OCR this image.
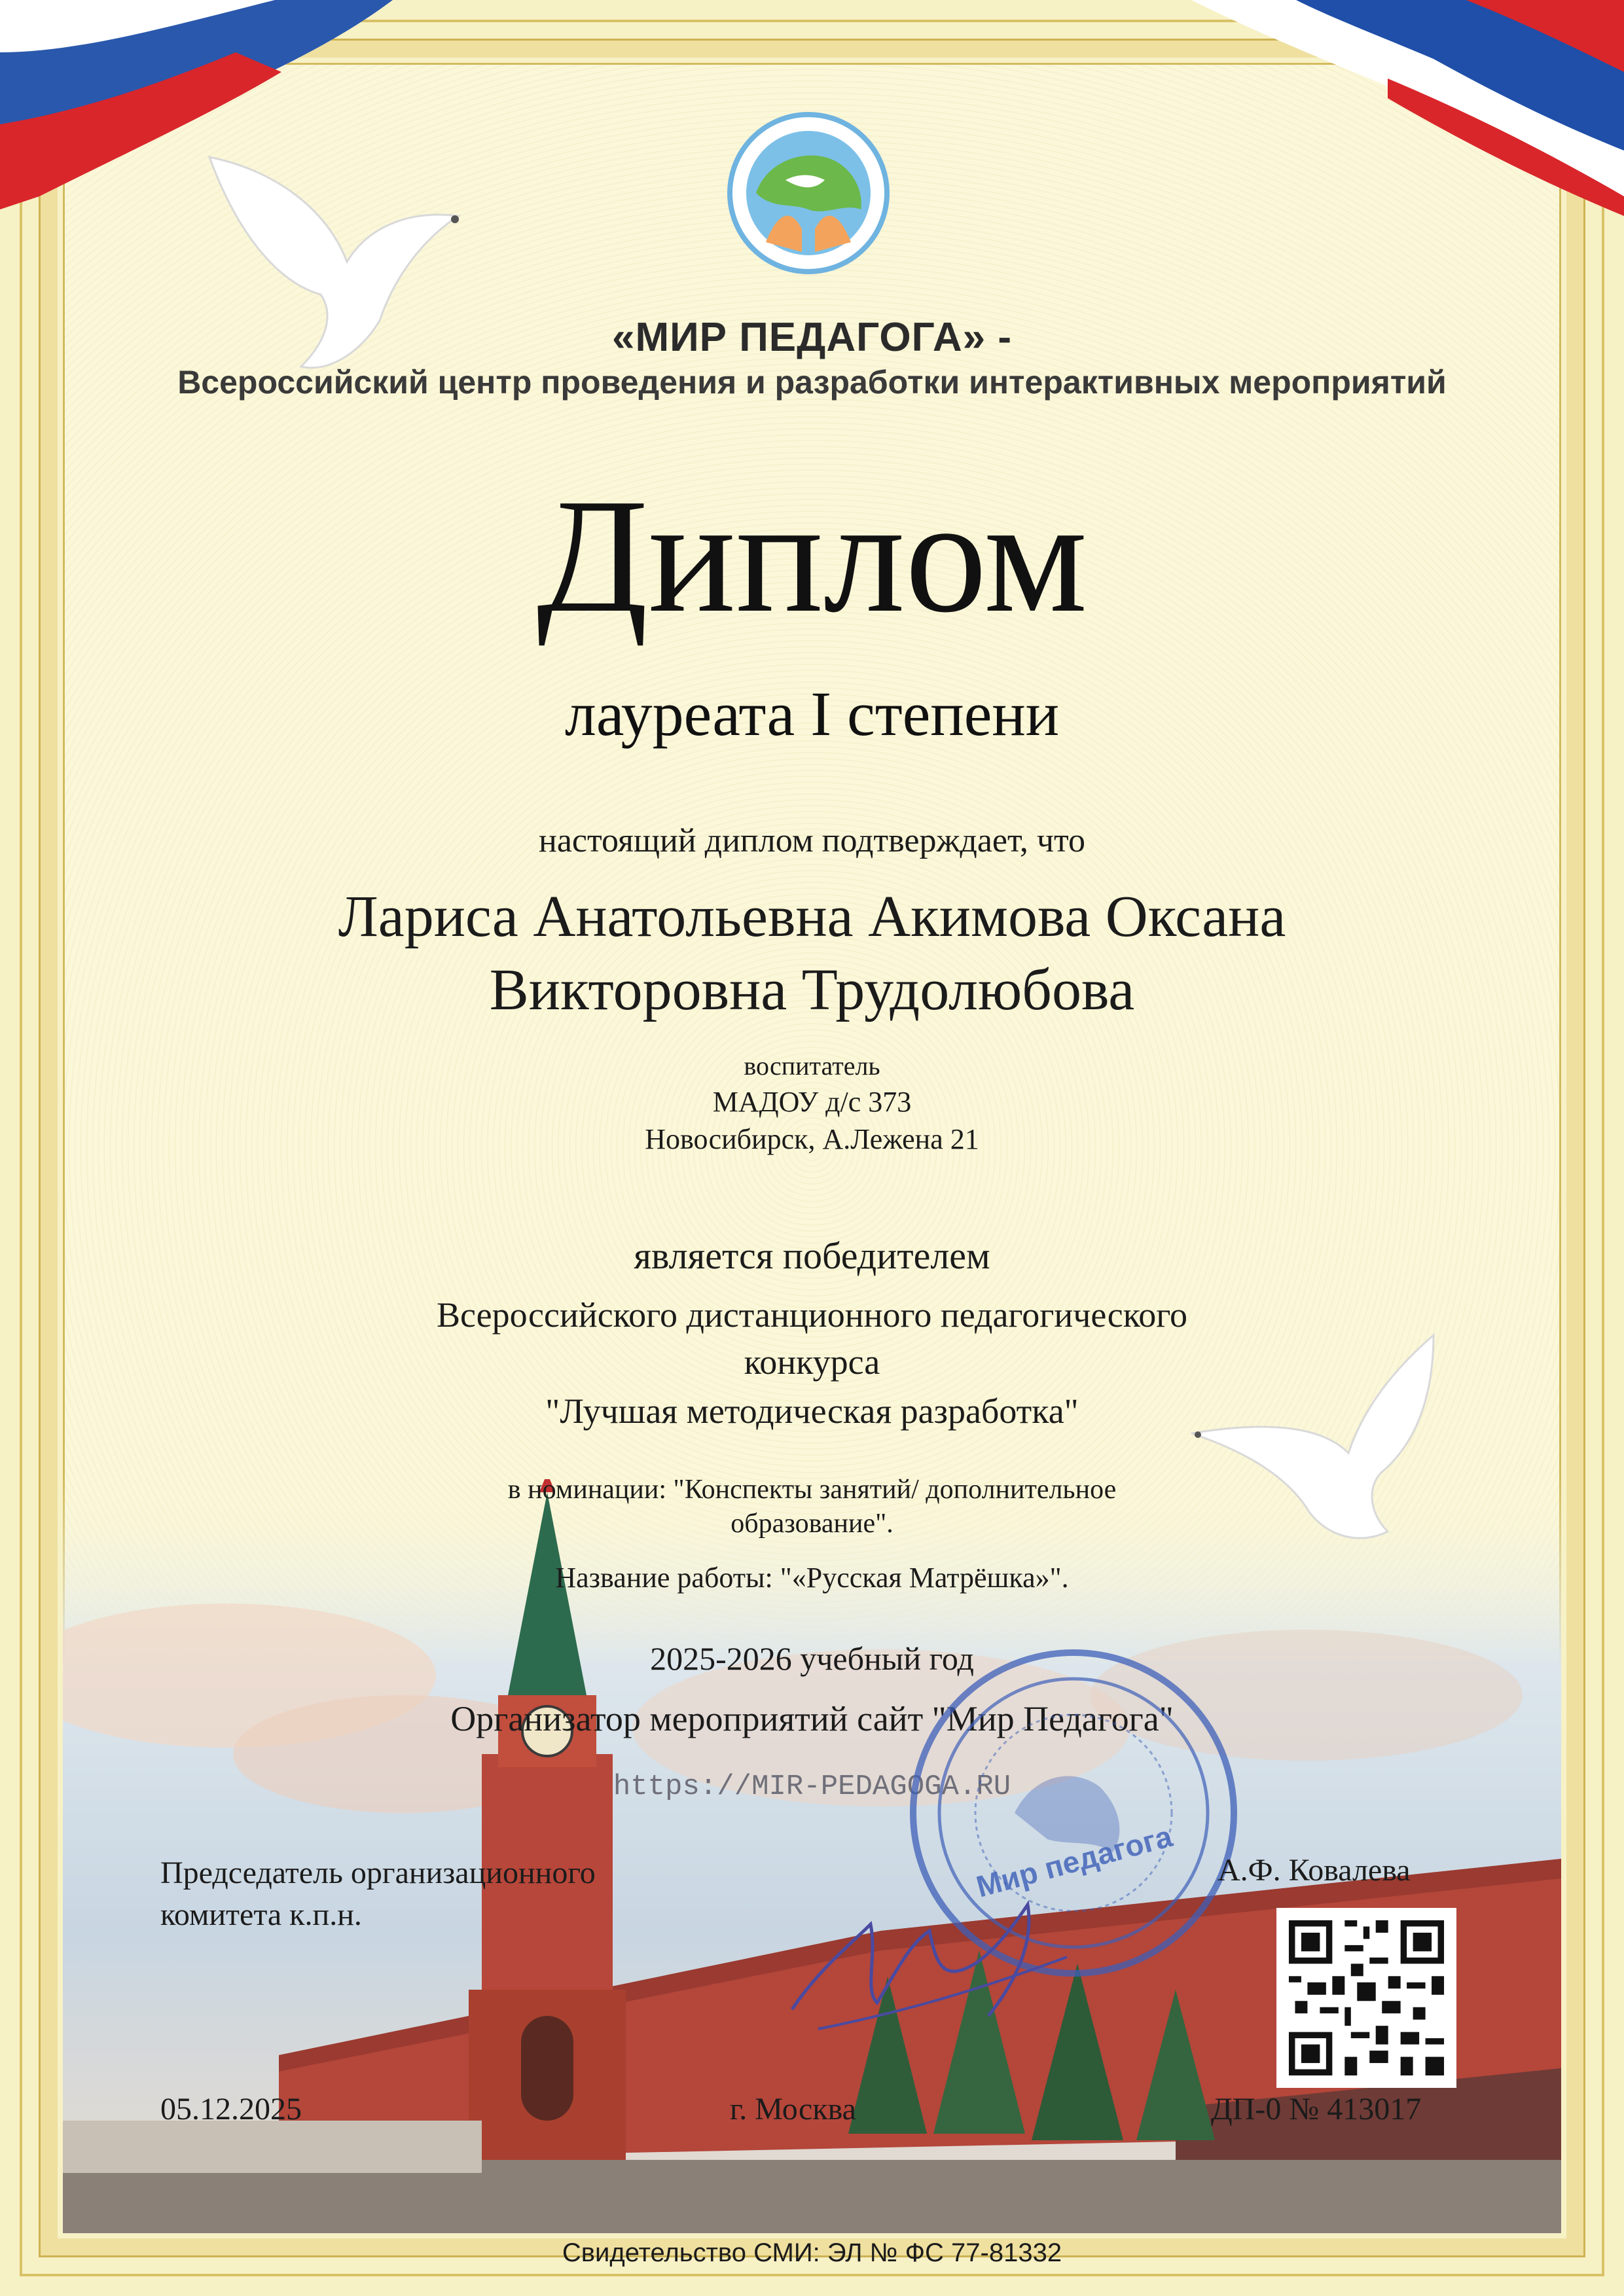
«МИР ПЕДАГОГА» -
Всероссийский центр проведения и разработки интерактивных мероприятий
Диплом
лауреата I степени
настоящий диплом подтверждает, что
Лариса Анатольевна Акимова Оксана
Викторовна Трудолюбова
воспитатель
МАДОУ д/с 373
Новосибирск, А.Лежена 21
является победителем
Всероссийского дистанционного педагогического
конкурса
"Лучшая методическая разработка"
в номинации: "Конспекты занятий/ дополнительное
образование".
Название работы: "«Русская Матрёшка»".
2025-2026 учебный год
Организатор мероприятий сайт "Мир Педагога"
https://MIR-PEDAGOGA.RU
Мир педагога
Председатель организационного
комитета к.п.н.
А.Ф. Ковалева
05.12.2025	г. Москва	ДП-0 № 413017
Свидетельство СМИ: ЭЛ № ФС 77-81332
